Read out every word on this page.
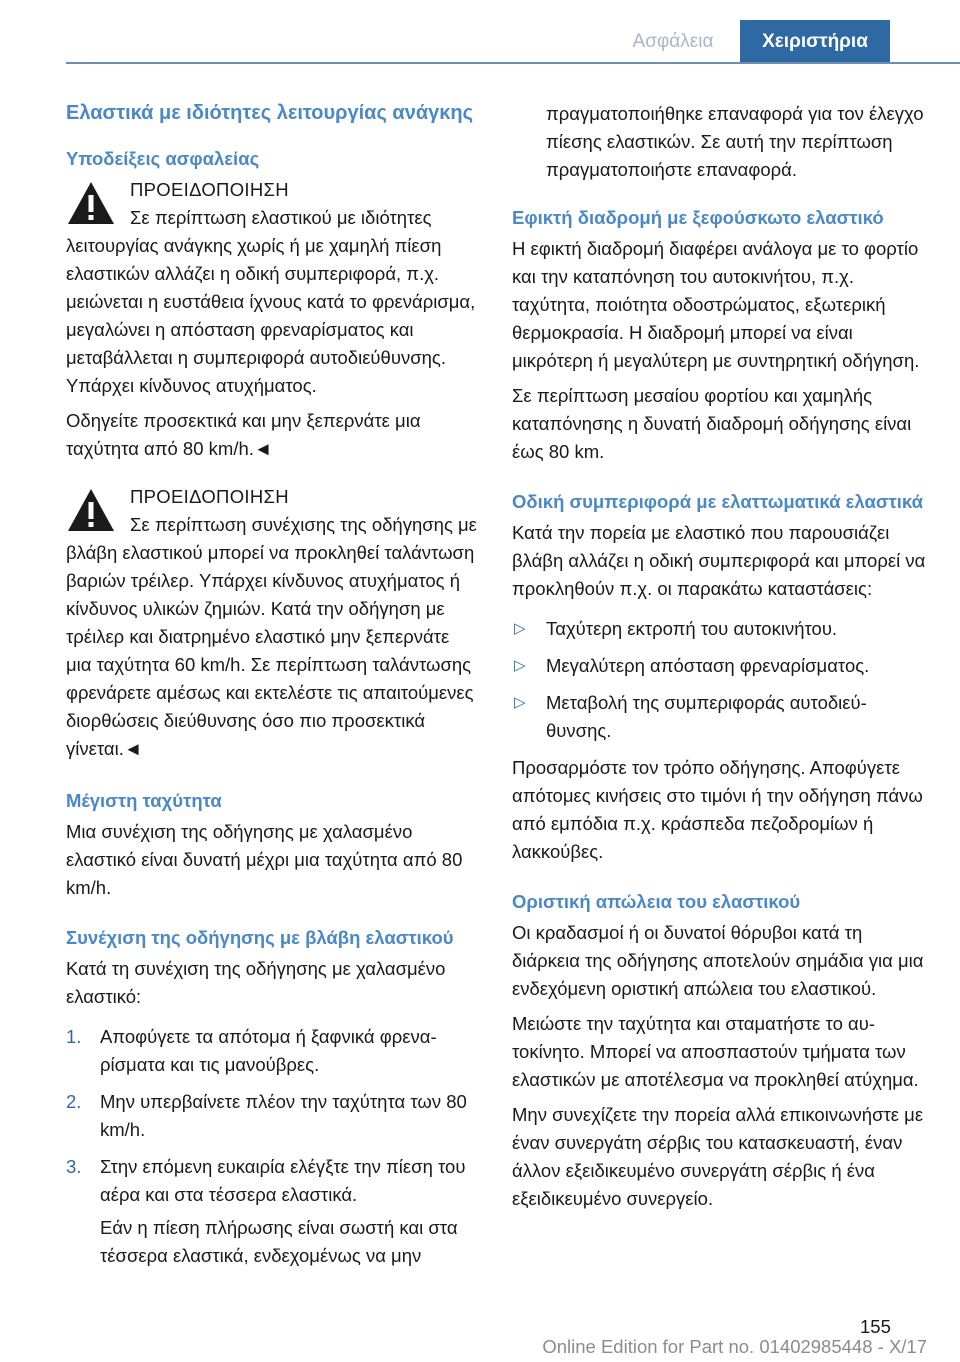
Ασφάλεια	Χειριστήρια
Ελαστικά με ιδιότητες λειτουργίας ανάγκης
Υποδείξεις ασφαλείας
ΠΡΟΕΙΔΟΠΟΙΗΣΗ

Σε περίπτωση ελαστικού με ιδιότητες λειτουργίας ανάγκης χωρίς ή με χαμηλή πίεση ελαστικών αλλάζει η οδική συμπεριφορά, π.χ. μειώνεται η ευστάθεια ίχνους κατά το φρενάρισμα, μεγαλώνει η απόσταση φρεναρίσματος και μεταβάλλεται η συμπεριφορά αυτοδιεύθυνσης. Υπάρχει κίνδυνος ατυχήματος.

Οδηγείτε προσεκτικά και μην ξεπερνάτε μια ταχύτητα από 80 km/h.◄

ΠΡΟΕΙΔΟΠΟΙΗΣΗ

Σε περίπτωση συνέχισης της οδήγησης με βλάβη ελαστικού μπορεί να προκληθεί ταλάντωση βαριών τρέιλερ. Υπάρχει κίνδυνος ατυχήματος ή κίνδυνος υλικών ζημιών. Κατά την οδήγηση με τρέιλερ και διατρημένο ελαστικό μην ξεπερνάτε μια ταχύτητα 60 km/h. Σε περίπτωση ταλάντωσης φρενάρετε αμέσως και εκτελέστε τις απαιτούμενες διορθώσεις διεύθυνσης όσο πιο προσεκτικά γίνεται.◄

Μέγιστη ταχύτητα

Μια συνέχιση της οδήγησης με χαλασμένο ελαστικό είναι δυνατή μέχρι μια ταχύτητα από 80 km/h.

Συνέχιση της οδήγησης με βλάβη ελαστικού

Κατά τη συνέχιση της οδήγησης με χαλασμένο ελαστικό:

1. Αποφύγετε τα απότομα ή ξαφνικά φρεναρίσματα και τις μανούβρες.
2. Μην υπερβαίνετε πλέον την ταχύτητα των 80 km/h.
3. Στην επόμενη ευκαιρία ελέγξτε την πίεση του αέρα και στα τέσσερα ελαστικά.

Εάν η πίεση πλήρωσης είναι σωστή και στα τέσσερα ελαστικά, ενδεχομένως να μην

πραγματοποιήθηκε επαναφορά για τον έλεγχο πίεσης ελαστικών. Σε αυτή την περίπτωση πραγματοποιήστε επαναφορά.

Εφικτή διαδρομή με ξεφούσκωτο ελαστικό

Η εφικτή διαδρομή διαφέρει ανάλογα με το φορτίο και την καταπόνηση του αυτοκινήτου, π.χ. ταχύτητα, ποιότητα οδοστρώματος, εξωτερική θερμοκρασία. Η διαδρομή μπορεί να είναι μικρότερη ή μεγαλύτερη με συντηρητική οδήγηση.

Σε περίπτωση μεσαίου φορτίου και χαμηλής καταπόνησης η δυνατή διαδρομή οδήγησης είναι έως 80 km.

Οδική συμπεριφορά με ελαττωματικά ελαστικά

Κατά την πορεία με ελαστικό που παρουσιάζει βλάβη αλλάζει η οδική συμπεριφορά και μπορεί να προκληθούν π.χ. οι παρακάτω καταστάσεις:

▷ Ταχύτερη εκτροπή του αυτοκινήτου.
▷ Μεγαλύτερη απόσταση φρεναρίσματος.
▷ Μεταβολή της συμπεριφοράς αυτοδιεύθυνσης.

Προσαρμόστε τον τρόπο οδήγησης. Αποφύγετε απότομες κινήσεις στο τιμόνι ή την οδήγηση πάνω από εμπόδια π.χ. κράσπεδα πεζοδρομίων ή λακκούβες.

Οριστική απώλεια του ελαστικού

Οι κραδασμοί ή οι δυνατοί θόρυβοι κατά τη διάρκεια της οδήγησης αποτελούν σημάδια για μια ενδεχόμενη οριστική απώλεια του ελαστικού.

Μειώστε την ταχύτητα και σταματήστε το αυτοκίνητο. Μπορεί να αποσπαστούν τμήματα των ελαστικών με αποτέλεσμα να προκληθεί ατύχημα.

Μην συνεχίζετε την πορεία αλλά επικοινωνήστε με έναν συνεργάτη σέρβις του κατασκευαστή, έναν άλλον εξειδικευμένο συνεργάτη σέρβις ή ένα εξειδικευμένο συνεργείο.

155
Online Edition for Part no. 01402985448 - X/17
